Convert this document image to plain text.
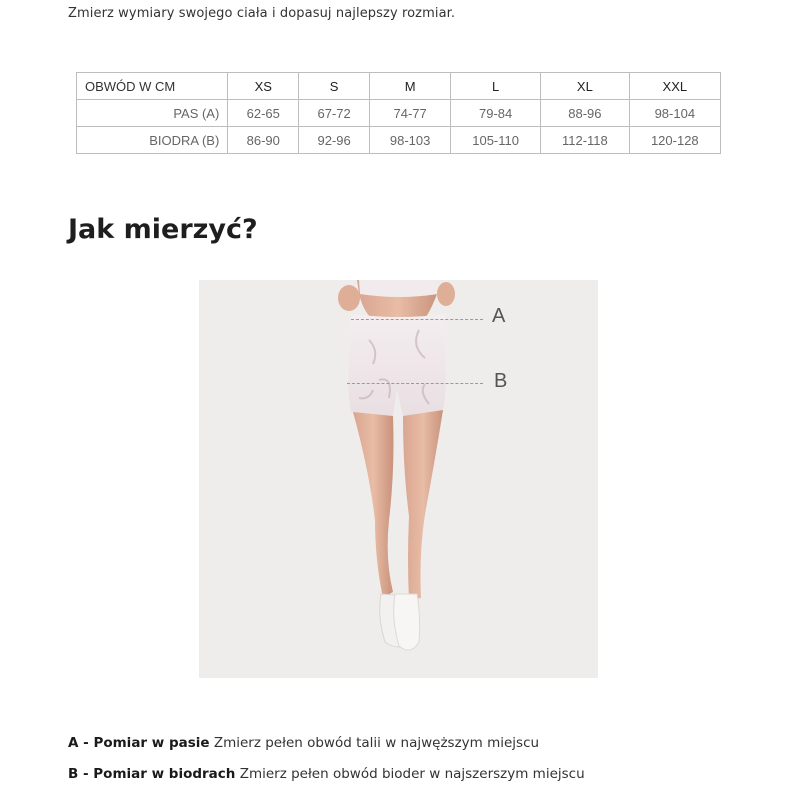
Zmierz wymiary swojego ciała i dopasuj najlepszy rozmiar.
OBWÓD W CM	XS	S	M	L	XL	XXL
PAS (A)	62-65	67-72	74-77	79-84	88-96	98-104
BIODRA (B)	86-90	92-96	98-103	105-110	112-118	120-128
Jak mierzyć?
A
B
A - Pomiar w pasie Zmierz pełen obwód talii w najwęższym miejscu
B - Pomiar w biodrach Zmierz pełen obwód bioder w najszerszym miejscu
